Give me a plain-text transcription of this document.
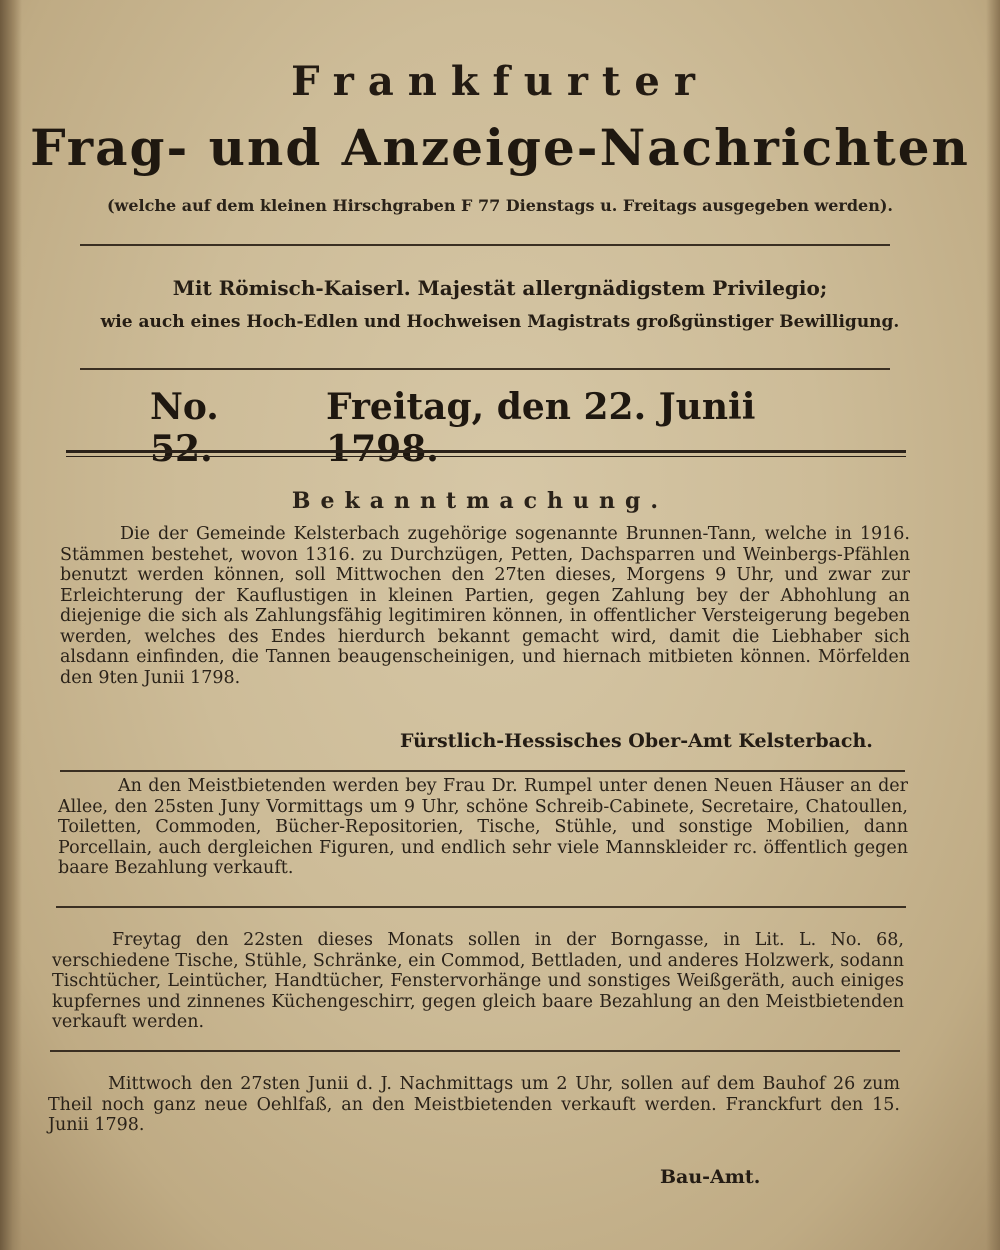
Frankfurter
Frag- und Anzeige-Nachrichten
(welche auf dem kleinen Hirschgraben F 77 Dienstags u. Freitags ausgegeben werden).
Mit Römisch-Kaiserl. Majestät allergnädigstem Privilegio;
wie auch eines Hoch-Edlen und Hochweisen Magistrats großgünstiger Bewilligung.
No. 52.
Freitag, den 22. Junii 1798.
Bekanntmachung.
Die der Gemeinde Kelsterbach zugehörige sogenannte Brunnen-Tann, welche in 1916. Stämmen bestehet, wovon 1316. zu Durchzügen, Petten, Dachsparren und Weinbergs-Pfählen benutzt werden können, soll Mittwochen den 27ten dieses, Morgens 9 Uhr, und zwar zur Erleichterung der Kauflustigen in kleinen Partien, gegen Zahlung bey der Abhohlung an diejenige die sich als Zahlungsfähig legitimiren können, in offentlicher Versteigerung begeben werden, welches des Endes hierdurch bekannt gemacht wird, damit die Liebhaber sich alsdann einfinden, die Tannen beaugenscheinigen, und hiernach mitbieten können. Mörfelden den 9ten Junii 1798.
Fürstlich-Hessisches Ober-Amt Kelsterbach.
An den Meistbietenden werden bey Frau Dr. Rumpel unter denen Neuen Häuser an der Allee, den 25sten Juny Vormittags um 9 Uhr, schöne Schreib-Cabinete, Secretaire, Chatoullen, Toiletten, Commoden, Bücher-Repositorien, Tische, Stühle, und sonstige Mobilien, dann Porcellain, auch dergleichen Figuren, und endlich sehr viele Mannskleider rc. öffentlich gegen baare Bezahlung verkauft.
Freytag den 22sten dieses Monats sollen in der Borngasse, in Lit. L. No. 68, verschiedene Tische, Stühle, Schränke, ein Commod, Bettladen, und anderes Holzwerk, sodann Tischtücher, Leintücher, Handtücher, Fenstervorhänge und sonstiges Weißgeräth, auch einiges kupfernes und zinnenes Küchengeschirr, gegen gleich baare Bezahlung an den Meistbietenden verkauft werden.
Mittwoch den 27sten Junii d. J. Nachmittags um 2 Uhr, sollen auf dem Bauhof 26 zum Theil noch ganz neue Oehlfaß, an den Meistbietenden verkauft werden. Franckfurt den 15. Junii 1798.
Bau-Amt.
